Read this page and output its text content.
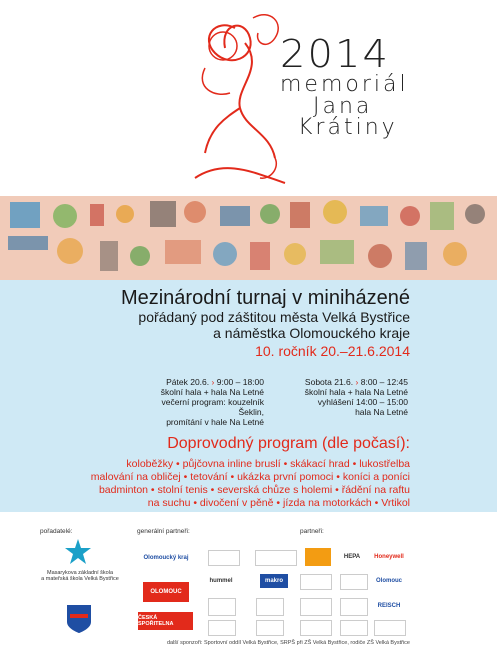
2014
memoriál
Jana
Krátiny
Mezinárodní turnaj v miniházené
pořádaný pod záštitou města Velká Bystřice
a náměstka Olomouckého kraje
10. ročník 20.–21.6.2014
Pátek 20.6. › 9:00 – 18:00
školní hala + hala Na Letné
večerní program: kouzelník Šeklin,
promítání v hale Na Letné
Sobota 21.6. › 8:00 – 12:45
školní hala + hala Na Letné
vyhlášení 14:00 – 15:00
hala Na Letné
Doprovodný program (dle počasí):
koloběžky • půjčovna inline bruslí • skákací hrad • lukostřelba
malování na obličej • tetování • ukázka první pomoci • koníci a poníci
badminton • stolní tenis • severská chůze s holemi • řádění na raftu
na suchu • divočení v pěně • jízda na motorkách • Vrtikol
pořadatelé:	generální partneři:	partneři:
Masarykova základní škola
a mateřská škola Velká Bystřice
Olomoucký kraj
OLOMOUC
ČESKÁ SPOŘITELNA
HEPA	Honeywell
hummel	makro	Olomouc
REISCH
další sponzoři: Sportovní oddíl Velká Bystřice, SRPŠ při ZŠ Velká Bystřice, rodiče ZŠ Velká Bystřice
